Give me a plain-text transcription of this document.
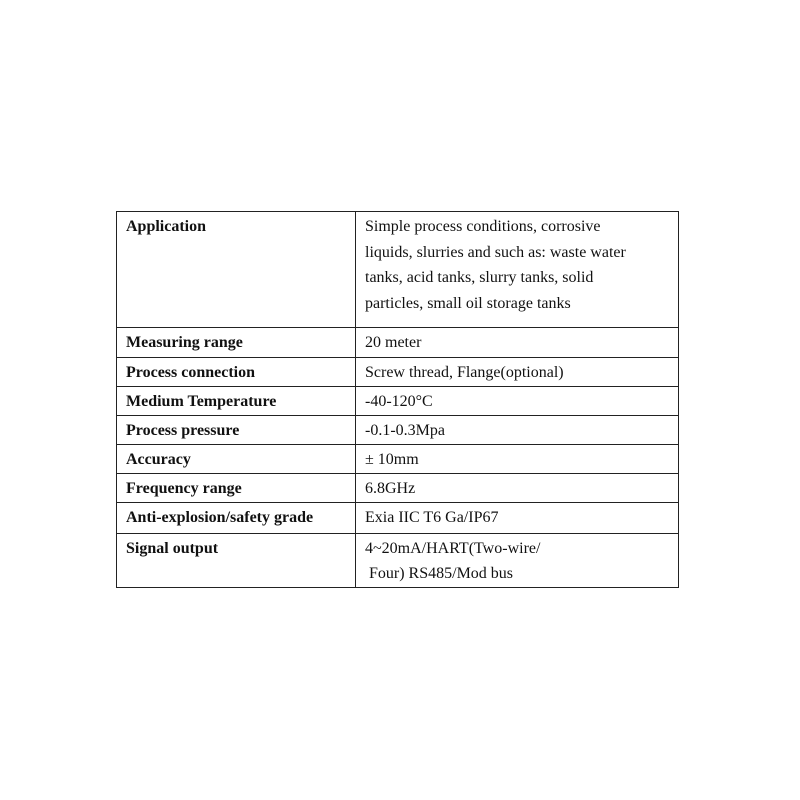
Application	Simple process conditions, corrosive
liquids, slurries and such as: waste water
tanks, acid tanks, slurry tanks, solid
particles, small oil storage tanks

Measuring range	20 meter

Process connection	Screw thread, Flange(optional)

Medium Temperature	-40-120°C

Process pressure	-0.1-0.3Mpa

Accuracy	± 10mm

Frequency range	6.8GHz

Anti-explosion/safety grade	Exia IIC T6 Ga/IP67

Signal output	4~20mA/HART(Two-wire/
Four) RS485/Mod bus
